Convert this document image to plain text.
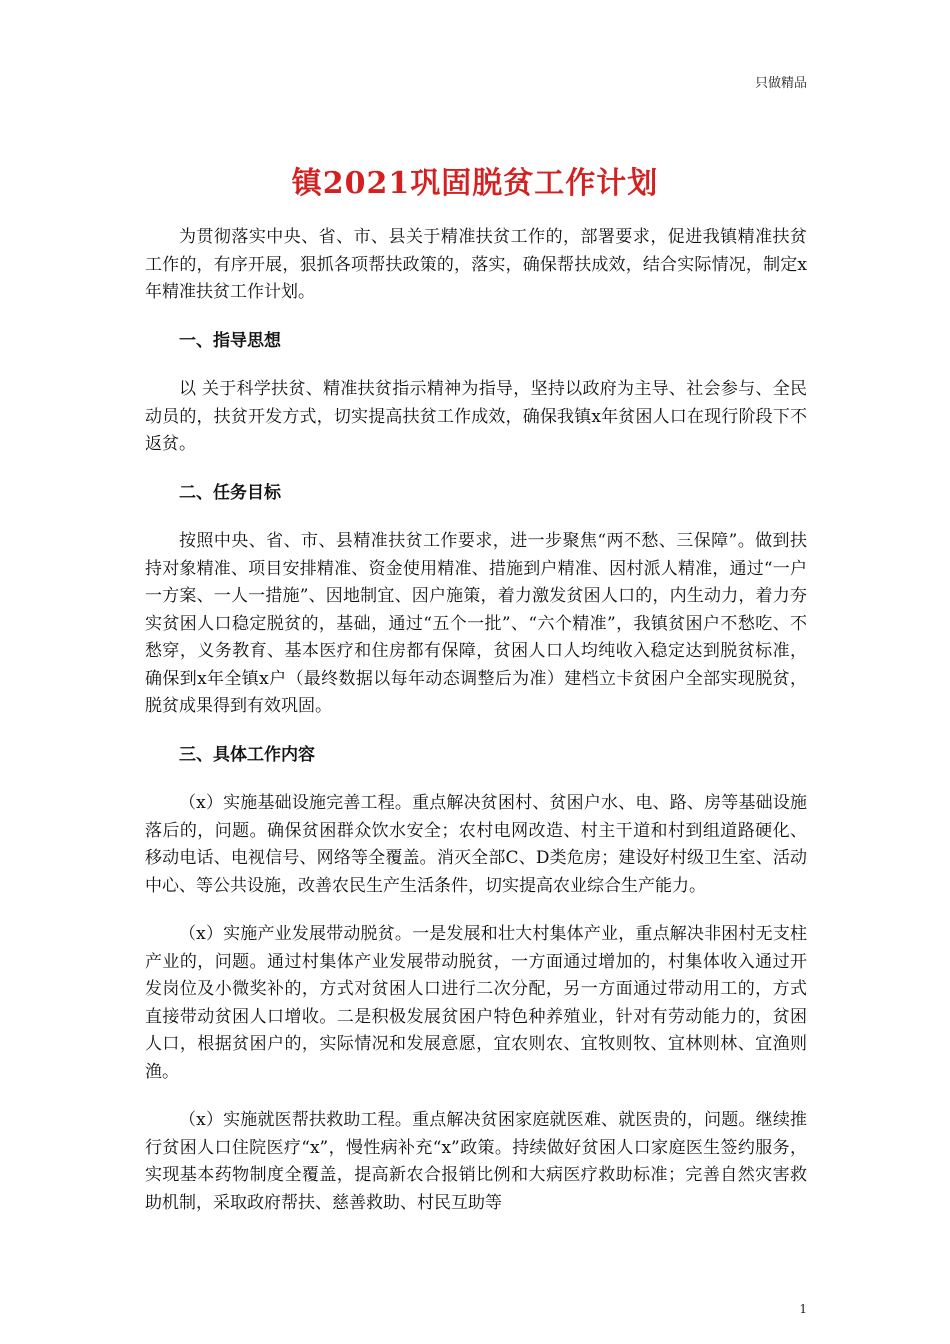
只做精品
镇2021巩固脱贫工作计划

为贯彻落实中央、省、市、县关于精准扶贫工作的，部署要求，促进我镇精准扶贫工作的，有序开展，狠抓各项帮扶政策的，落实，确保帮扶成效，结合实际情况，制定x年精准扶贫工作计划。

一、指导思想

以 关于科学扶贫、精准扶贫指示精神为指导，坚持以政府为主导、社会参与、全民动员的，扶贫开发方式，切实提高扶贫工作成效，确保我镇x年贫困人口在现行阶段下不返贫。

二、任务目标

按照中央、省、市、县精准扶贫工作要求，进一步聚焦“两不愁、三保障”。做到扶持对象精准、项目安排精准、资金使用精准、措施到户精准、因村派人精准，通过“一户一方案、一人一措施”、因地制宜、因户施策，着力激发贫困人口的，内生动力，着力夯实贫困人口稳定脱贫的，基础，通过“五个一批”、“六个精准”，我镇贫困户不愁吃、不愁穿，义务教育、基本医疗和住房都有保障，贫困人口人均纯收入稳定达到脱贫标准，确保到x年全镇x户（最终数据以每年动态调整后为准）建档立卡贫困户全部实现脱贫，脱贫成果得到有效巩固。

三、具体工作内容

（x）实施基础设施完善工程。重点解决贫困村、贫困户水、电、路、房等基础设施落后的，问题。确保贫困群众饮水安全；农村电网改造、村主干道和村到组道路硬化、移动电话、电视信号、网络等全覆盖。消灭全部C、D类危房；建设好村级卫生室、活动中心、等公共设施，改善农民生产生活条件，切实提高农业综合生产能力。

（x）实施产业发展带动脱贫。一是发展和壮大村集体产业，重点解决非困村无支柱产业的，问题。通过村集体产业发展带动脱贫，一方面通过增加的，村集体收入通过开发岗位及小微奖补的，方式对贫困人口进行二次分配，另一方面通过带动用工的，方式直接带动贫困人口增收。二是积极发展贫困户特色种养殖业，针对有劳动能力的，贫困人口，根据贫困户的，实际情况和发展意愿，宜农则农、宜牧则牧、宜林则林、宜渔则渔。

（x）实施就医帮扶救助工程。重点解决贫困家庭就医难、就医贵的，问题。继续推行贫困人口住院医疗“x”，慢性病补充“x”政策。持续做好贫困人口家庭医生签约服务，实现基本药物制度全覆盖，提高新农合报销比例和大病医疗救助标准；完善自然灾害救助机制，采取政府帮扶、慈善救助、村民互助等

1
